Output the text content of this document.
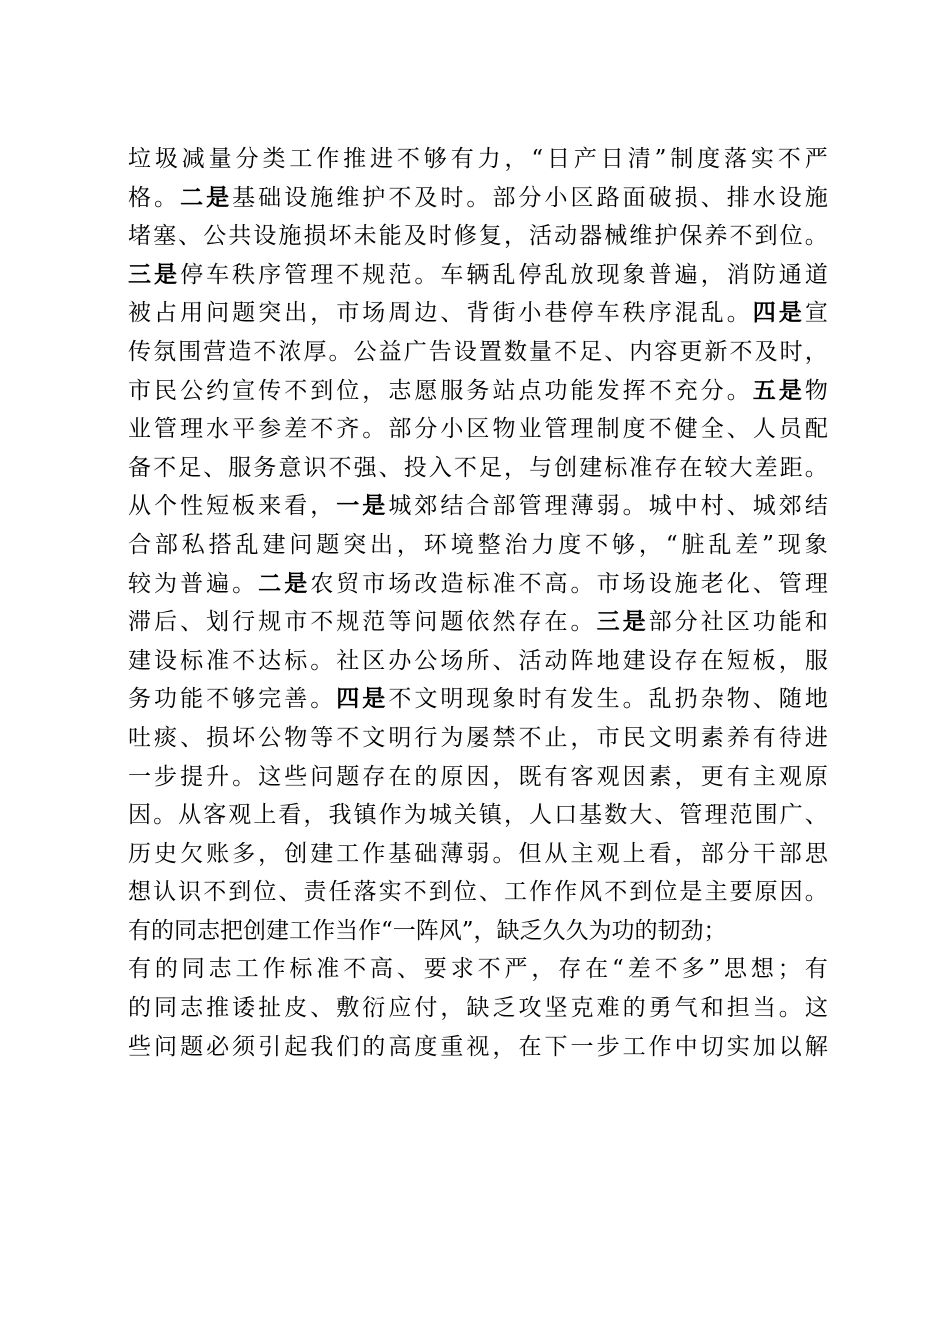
垃 圾 减 量 分 类 工 作 推 进 不 够 有 力 ， “ 日 产 日 清 ” 制 度 落 实 不 严
格 。 二 是 基 础 设 施 维 护 不 及 时 。 部 分 小 区 路 面 破 损 、 排 水 设 施
堵 塞 、 公 共 设 施 损 坏 未 能 及 时 修 复 ， 活 动 器 械 维 护 保 养 不 到 位 。
三 是 停 车 秩 序 管 理 不 规 范 。 车 辆 乱 停 乱 放 现 象 普 遍 ， 消 防 通 道
被 占 用 问 题 突 出 ， 市 场 周 边 、 背 街 小 巷 停 车 秩 序 混 乱 。 四 是 宣
传 氛 围 营 造 不 浓 厚 。 公 益 广 告 设 置 数 量 不 足 、 内 容 更 新 不 及 时 ，
市 民 公 约 宣 传 不 到 位 ， 志 愿 服 务 站 点 功 能 发 挥 不 充 分 。 五 是 物
业 管 理 水 平 参 差 不 齐 。 部 分 小 区 物 业 管 理 制 度 不 健 全 、 人 员 配
备 不 足 、 服 务 意 识 不 强 、 投 入 不 足 ， 与 创 建 标 准 存 在 较 大 差 距 。
从 个 性 短 板 来 看 ， 一 是 城 郊 结 合 部 管 理 薄 弱 。 城 中 村 、 城 郊 结
合 部 私 搭 乱 建 问 题 突 出 ， 环 境 整 治 力 度 不 够 ， “ 脏 乱 差 ” 现 象
较 为 普 遍 。 二 是 农 贸 市 场 改 造 标 准 不 高 。 市 场 设 施 老 化 、 管 理
滞 后 、 划 行 规 市 不 规 范 等 问 题 依 然 存 在 。 三 是 部 分 社 区 功 能 和
建 设 标 准 不 达 标 。 社 区 办 公 场 所 、 活 动 阵 地 建 设 存 在 短 板 ， 服
务 功 能 不 够 完 善 。 四 是 不 文 明 现 象 时 有 发 生 。 乱 扔 杂 物 、 随 地
吐 痰 、 损 坏 公 物 等 不 文 明 行 为 屡 禁 不 止 ， 市 民 文 明 素 养 有 待 进
一 步 提 升 。 这 些 问 题 存 在 的 原 因 ， 既 有 客 观 因 素 ， 更 有 主 观 原
因 。 从 客 观 上 看 ， 我 镇 作 为 城 关 镇 ， 人 口 基 数 大 、 管 理 范 围 广 、
历 史 欠 账 多 ， 创 建 工 作 基 础 薄 弱 。 但 从 主 观 上 看 ， 部 分 干 部 思
想 认 识 不 到 位 、 责 任 落 实 不 到 位 、 工 作 作 风 不 到 位 是 主 要 原 因 。
有 的 同 志 把 创 建 工 作 当 作 “ 一 阵 风 ” ， 缺 乏 久 久 为 功 的 韧 劲 ；
有 的 同 志 工 作 标 准 不 高 、 要 求 不 严 ， 存 在 “ 差 不 多 ” 思 想 ； 有
的 同 志 推 诿 扯 皮 、 敷 衍 应 付 ， 缺 乏 攻 坚 克 难 的 勇 气 和 担 当 。 这
些 问 题 必 须 引 起 我 们 的 高 度 重 视 ， 在 下 一 步 工 作 中 切 实 加 以 解
